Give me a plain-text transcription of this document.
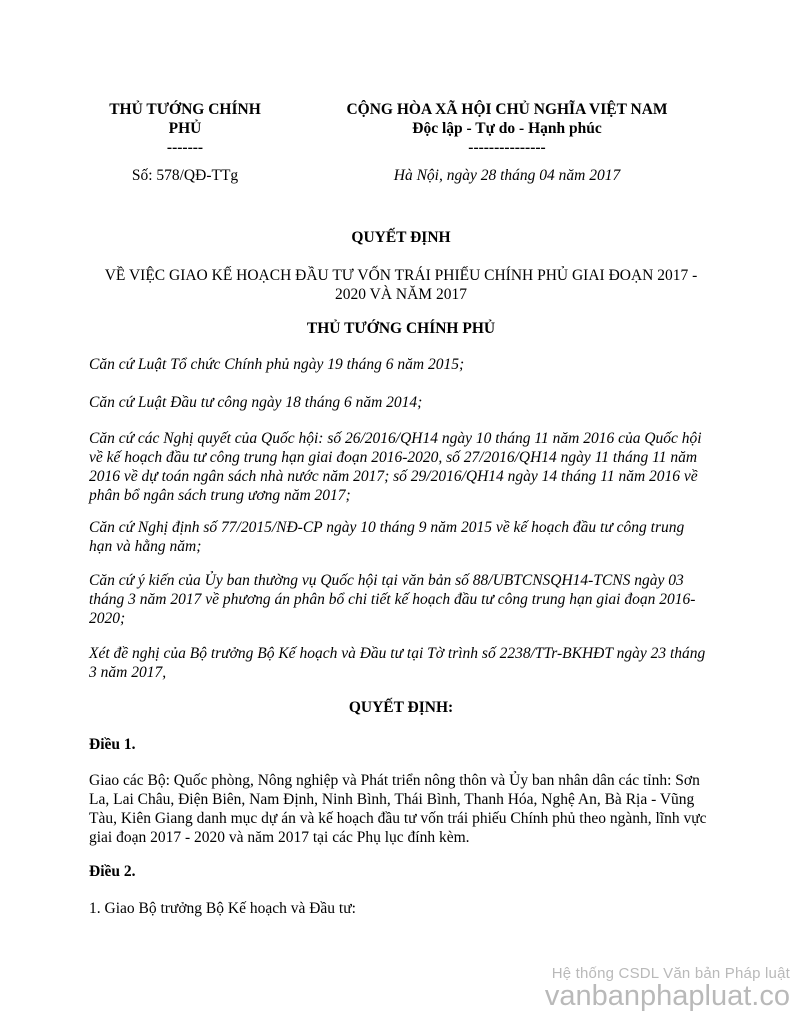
THỦ TƯỚNG CHÍNH
PHỦ
-------
CỘNG HÒA XÃ HỘI CHỦ NGHĨA VIỆT NAM
Độc lập - Tự do - Hạnh phúc
---------------
Số: 578/QĐ-TTg	Hà Nội, ngày 28 tháng 04 năm 2017
QUYẾT ĐỊNH
VỀ VIỆC GIAO KẾ HOẠCH ĐẦU TƯ VỐN TRÁI PHIẾU CHÍNH PHỦ GIAI ĐOẠN 2017 -
2020 VÀ NĂM 2017
THỦ TƯỚNG CHÍNH PHỦ
Căn cứ Luật Tổ chức Chính phủ ngày 19 tháng 6 năm 2015;
Căn cứ Luật Đầu tư công ngày 18 tháng 6 năm 2014;
Căn cứ các Nghị quyết của Quốc hội: số 26/2016/QH14 ngày 10 tháng 11 năm 2016 của Quốc hội về kế hoạch đầu tư công trung hạn giai đoạn 2016-2020, số 27/2016/QH14 ngày 11 tháng 11 năm 2016 về dự toán ngân sách nhà nước năm 2017; số 29/2016/QH14 ngày 14 tháng 11 năm 2016 về phân bổ ngân sách trung ương năm 2017;
Căn cứ Nghị định số 77/2015/NĐ-CP ngày 10 tháng 9 năm 2015 về kế hoạch đầu tư công trung hạn và hằng năm;
Căn cứ ý kiến của Ủy ban thường vụ Quốc hội tại văn bản số 88/UBTCNSQH14-TCNS ngày 03 tháng 3 năm 2017 về phương án phân bổ chi tiết kế hoạch đầu tư công trung hạn giai đoạn 2016-2020;
Xét đề nghị của Bộ trưởng Bộ Kế hoạch và Đầu tư tại Tờ trình số 2238/TTr-BKHĐT ngày 23 tháng 3 năm 2017,
QUYẾT ĐỊNH:
Điều 1.
Giao các Bộ: Quốc phòng, Nông nghiệp và Phát triển nông thôn và Ủy ban nhân dân các tỉnh: Sơn La, Lai Châu, Điện Biên, Nam Định, Ninh Bình, Thái Bình, Thanh Hóa, Nghệ An, Bà Rịa - Vũng Tàu, Kiên Giang danh mục dự án và kế hoạch đầu tư vốn trái phiếu Chính phủ theo ngành, lĩnh vực giai đoạn 2017 - 2020 và năm 2017 tại các Phụ lục đính kèm.
Điều 2.
1. Giao Bộ trưởng Bộ Kế hoạch và Đầu tư:
Hệ thống CSDL Văn bản Pháp luật
vanbanphapluat.co
